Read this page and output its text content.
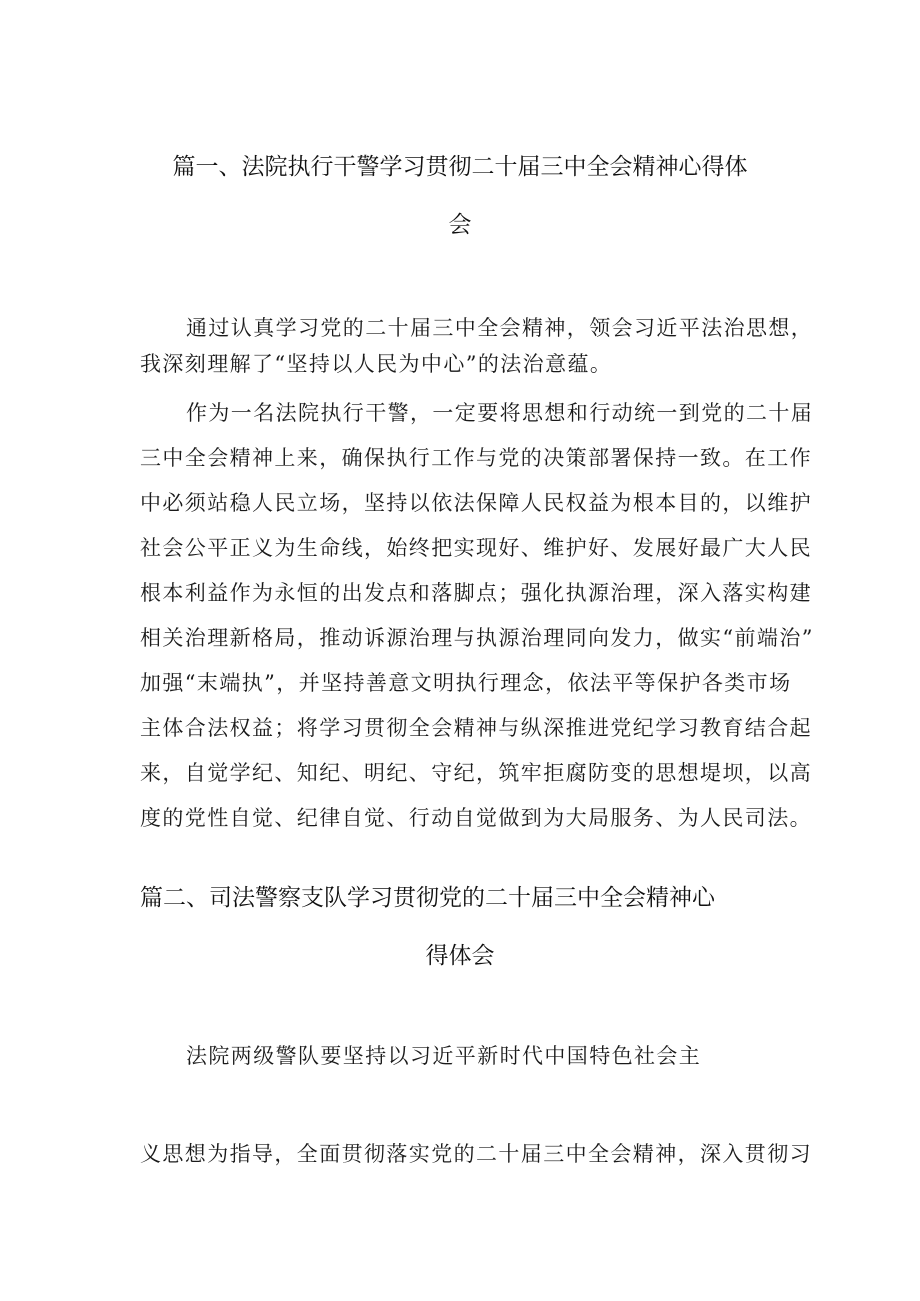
篇一、法院执行干警学习贯彻二十届三中全会精神心得体
会
通过认真学习党的二十届三中全会精神，领会习近平法治思想，
我深刻理解了“坚持以人民为中心”的法治意蕴。
作为一名法院执行干警，一定要将思想和行动统一到党的二十届
三中全会精神上来，确保执行工作与党的决策部署保持一致。在工作
中必须站稳人民立场，坚持以依法保障人民权益为根本目的，以维护
社会公平正义为生命线，始终把实现好、维护好、发展好最广大人民
根本利益作为永恒的出发点和落脚点；强化执源治理，深入落实构建
相关治理新格局，推动诉源治理与执源治理同向发力，做实“前端治”
加强“末端执”，并坚持善意文明执行理念，依法平等保护各类市场
主体合法权益；将学习贯彻全会精神与纵深推进党纪学习教育结合起
来，自觉学纪、知纪、明纪、守纪，筑牢拒腐防变的思想堤坝，以高
度的党性自觉、纪律自觉、行动自觉做到为大局服务、为人民司法。
篇二、司法警察支队学习贯彻党的二十届三中全会精神心
得体会
法院两级警队要坚持以习近平新时代中国特色社会主
义思想为指导，全面贯彻落实党的二十届三中全会精神，深入贯彻习
